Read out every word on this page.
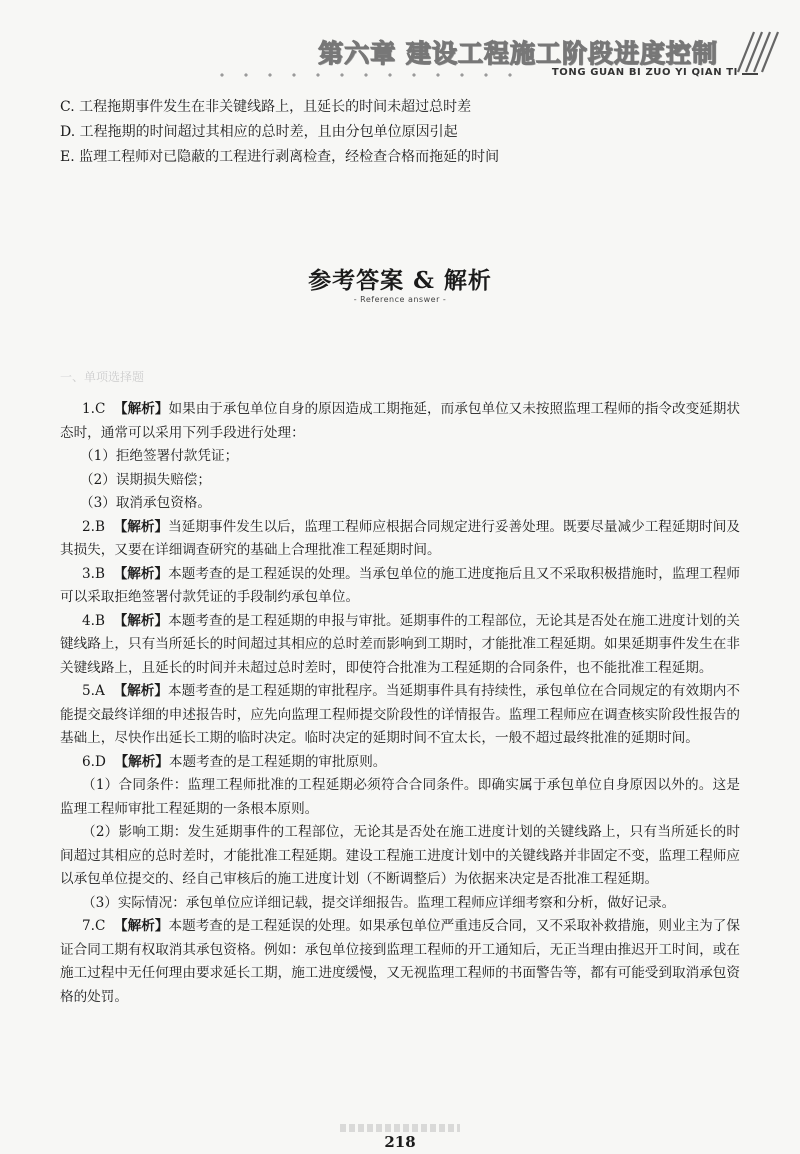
第六章 建设工程施工阶段进度控制
TONG GUAN BI ZUO YI QIAN TI
C. 工程拖期事件发生在非关键线路上，且延长的时间未超过总时差
D. 工程拖期的时间超过其相应的总时差，且由分包单位原因引起
E. 监理工程师对已隐蔽的工程进行剥离检查，经检查合格而拖延的时间
参考答案 & 解析
- Reference answer -
一、单项选择题

1.C 【解析】如果由于承包单位自身的原因造成工期拖延，而承包单位又未按照监理工程师的指令改变延期状态时，通常可以采用下列手段进行处理：

（1）拒绝签署付款凭证；

（2）误期损失赔偿；

（3）取消承包资格。

2.B 【解析】当延期事件发生以后，监理工程师应根据合同规定进行妥善处理。既要尽量减少工程延期时间及其损失，又要在详细调查研究的基础上合理批准工程延期时间。

3.B 【解析】本题考查的是工程延误的处理。当承包单位的施工进度拖后且又不采取积极措施时，监理工程师可以采取拒绝签署付款凭证的手段制约承包单位。

4.B 【解析】本题考查的是工程延期的申报与审批。延期事件的工程部位，无论其是否处在施工进度计划的关键线路上，只有当所延长的时间超过其相应的总时差而影响到工期时，才能批准工程延期。如果延期事件发生在非关键线路上，且延长的时间并未超过总时差时，即使符合批准为工程延期的合同条件，也不能批准工程延期。

5.A 【解析】本题考查的是工程延期的审批程序。当延期事件具有持续性，承包单位在合同规定的有效期内不能提交最终详细的申述报告时，应先向监理工程师提交阶段性的详情报告。监理工程师应在调查核实阶段性报告的基础上，尽快作出延长工期的临时决定。临时决定的延期时间不宜太长，一般不超过最终批准的延期时间。

6.D 【解析】本题考查的是工程延期的审批原则。

（1）合同条件：监理工程师批准的工程延期必须符合合同条件。即确实属于承包单位自身原因以外的。这是监理工程师审批工程延期的一条根本原则。

（2）影响工期：发生延期事件的工程部位，无论其是否处在施工进度计划的关键线路上，只有当所延长的时间超过其相应的总时差时，才能批准工程延期。建设工程施工进度计划中的关键线路并非固定不变，监理工程师应以承包单位提交的、经自己审核后的施工进度计划（不断调整后）为依据来决定是否批准工程延期。

（3）实际情况：承包单位应详细记载，提交详细报告。监理工程师应详细考察和分析，做好记录。

7.C 【解析】本题考查的是工程延误的处理。如果承包单位严重违反合同，又不采取补救措施，则业主为了保证合同工期有权取消其承包资格。例如：承包单位接到监理工程师的开工通知后，无正当理由推迟开工时间，或在施工过程中无任何理由要求延长工期，施工进度缓慢，又无视监理工程师的书面警告等，都有可能受到取消承包资格的处罚。

218
